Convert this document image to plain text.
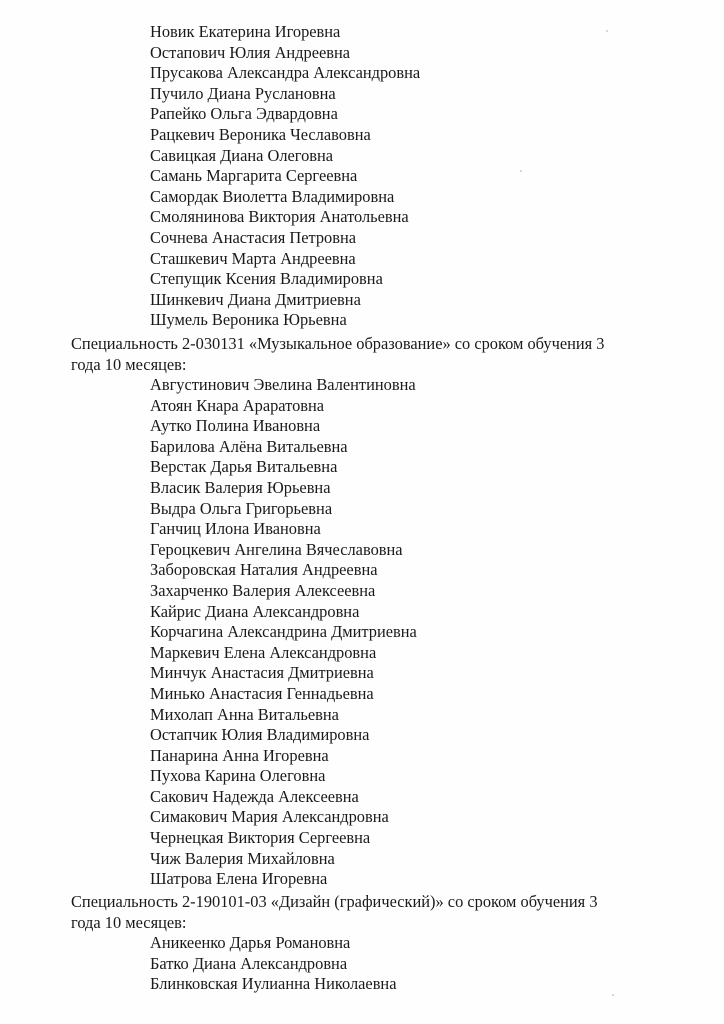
Новик Екатерина Игоревна
Остапович Юлия Андреевна
Прусакова Александра Александровна
Пучило Диана Руслановна
Рапейко Ольга Эдвардовна
Рацкевич Вероника Чеславовна
Савицкая Диана Олеговна
Самань Маргарита Сергеевна
Самордак Виолетта Владимировна
Смолянинова Виктория Анатольевна
Сочнева Анастасия Петровна
Сташкевич Марта Андреевна
Степущик Ксения Владимировна
Шинкевич Диана Дмитриевна
Шумель Вероника Юрьевна
Специальность 2-030131 «Музыкальное образование» со сроком обучения 3
года 10 месяцев:
Августинович Эвелина Валентиновна
Атоян Кнара Араратовна
Аутко Полина Ивановна
Барилова Алёна Витальевна
Верстак Дарья Витальевна
Власик Валерия Юрьевна
Выдра Ольга Григорьевна
Ганчиц Илона Ивановна
Героцкевич Ангелина Вячеславовна
Заборовская Наталия Андреевна
Захарченко Валерия Алексеевна
Кайрис Диана Александровна
Корчагина Александрина Дмитриевна
Маркевич Елена Александровна
Минчук Анастасия Дмитриевна
Минько Анастасия Геннадьевна
Михолап Анна Витальевна
Остапчик Юлия Владимировна
Панарина Анна Игоревна
Пухова Карина Олеговна
Сакович Надежда Алексеевна
Симакович Мария Александровна
Чернецкая Виктория Сергеевна
Чиж Валерия Михайловна
Шатрова Елена Игоревна
Специальность 2-190101-03 «Дизайн (графический)» со сроком обучения 3
года 10 месяцев:
Аникеенко Дарья Романовна
Батко Диана Александровна
Блинковская Иулианна Николаевна
